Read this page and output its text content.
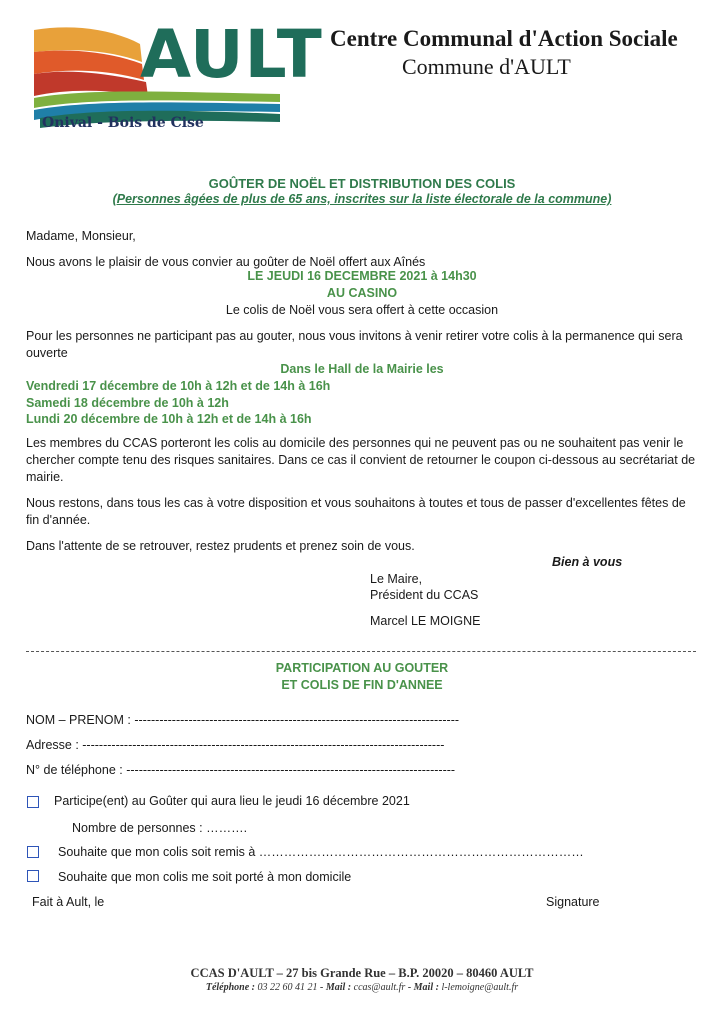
AULT
Onival - Bois de Cise
Centre Communal d'Action Sociale
Commune d'AULT
GOÛTER DE NOËL ET DISTRIBUTION DES COLIS
(Personnes âgées de plus de 65 ans, inscrites sur la liste électorale de la commune)
Madame, Monsieur,
Nous avons le plaisir de vous convier au goûter de Noël offert aux Aînés
LE JEUDI 16 DECEMBRE 2021 à 14h30
AU CASINO
Le colis de Noël vous sera offert à cette occasion
Pour les personnes ne participant pas au gouter, nous vous invitons à venir retirer votre colis à la permanence qui sera ouverte
Dans le Hall de la Mairie les
Vendredi 17 décembre de 10h à 12h et de 14h à 16h
Samedi 18 décembre de 10h à 12h
Lundi 20 décembre de 10h à 12h et de 14h à 16h
Les membres du CCAS porteront les colis au domicile des personnes qui ne peuvent pas ou ne souhaitent pas venir le chercher compte tenu des risques sanitaires. Dans ce cas il convient de retourner le coupon ci-dessous au secrétariat de mairie.
Nous restons, dans tous les cas à votre disposition et vous souhaitons à toutes et tous de passer d'excellentes fêtes de fin d'année.
Dans l'attente de se retrouver, restez prudents et prenez soin de vous.
Bien à vous
Le Maire,
Président du CCAS
Marcel LE MOIGNE
PARTICIPATION AU GOUTER
ET COLIS DE FIN D'ANNEE
NOM – PRENOM : ------------------------------------------------------------------------------
Adresse : ---------------------------------------------------------------------------------------
N° de téléphone : -------------------------------------------------------------------------------
Participe(ent) au Goûter qui aura lieu le jeudi 16 décembre 2021
Nombre de personnes : ……….
Souhaite que mon colis soit remis à ……………………………………………………………………
Souhaite que mon colis me soit porté à mon domicile
Fait à Ault, le	Signature
CCAS D'AULT – 27 bis Grande Rue – B.P. 20020 – 80460 AULT
Téléphone : 03 22 60 41 21 - Mail : ccas@ault.fr - Mail : l-lemoigne@ault.fr
